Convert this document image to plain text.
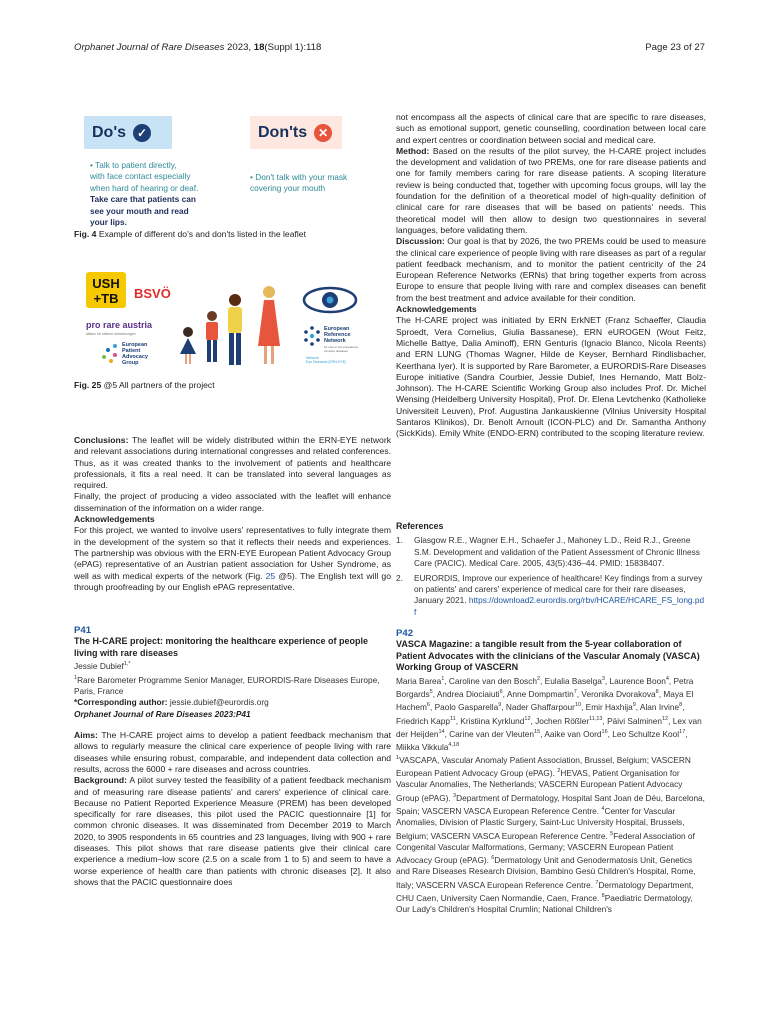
Orphanet Journal of Rare Diseases 2023, 18(Suppl 1):118	Page 23 of 27
Do's ✓	Don'ts ✕
• Talk to patient directly,
with face contact especially
when hard of hearing or deaf.
Take care that patients can
see your mouth and read
your lips.
• Don't talk with your mask
covering your mouth
Fig. 4 Example of different do's and don'ts listed in the leaflet
USH
+TB BSVÖ
pro rare austria
allianz für seltene erkrankungen
European
Patient
Advocacy
Group
European
Reference
Network
for rare or low prevalence
complex diseases
Network
Eye Diseases (ERN-EYE)
Fig. 25 @5 All partners of the project

Conclusions: The leaflet will be widely distributed within the ERN-EYE network and relevant associations during international congresses and related conferences. Thus, as it was created thanks to the involvement of patients and healthcare professionals, it fits a real need. It can be translated into several languages as required.

Finally, the project of producing a video associated with the leaflet will enhance dissemination of the information on a wider range.

Acknowledgements

For this project, we wanted to involve users' representatives to fully integrate them in the development of the system so that it reflects their needs and experiences. The partnership was obvious with the ERN-EYE European Patient Advocacy Group (ePAG) representative of an Austrian patient association for Usher Syndrome, as well as with medical experts of the network (Fig. 25 @5). The English text will go through proofreading by our English ePAG representative.

P41

The H-CARE project: monitoring the healthcare experience of people living with rare diseases

Jessie Dubief$^{1,*}$

$^1$Rare Barometer Programme Senior Manager, EURORDIS-Rare Diseases Europe, Paris, France

*Corresponding author: jessie.dubief@eurordis.org

Orphanet Journal of Rare Diseases 2023:P41

Aims: The H-CARE project aims to develop a patient feedback mechanism that allows to regularly measure the clinical care experience of people living with rare diseases while ensuring robust, comparable, and independent data collection and results, across the 6000 + rare diseases and across countries.

Background: A pilot survey tested the feasibility of a patient feedback mechanism and of measuring rare disease patients' and carers' experience of clinical care. Because no Patient Reported Experience Measure (PREM) has been developed specifically for rare diseases, this pilot used the PACIC questionnaire [1] for common chronic diseases. It was disseminated from December 2019 to March 2020, to 3905 respondents in 65 countries and 23 languages, living with 900 + rare diseases. This pilot shows that rare disease patients give their clinical care experience a medium–low score (2.5 on a scale from 1 to 5) and seem to have a worse experience of health care than patients with chronic diseases [2]. It also shows that the PACIC questionnaire does

not encompass all the aspects of clinical care that are specific to rare diseases, such as emotional support, genetic counselling, coordination between local care and expert centres or coordination between social and medical care.

Method: Based on the results of the pilot survey, the H-CARE project includes the development and validation of two PREMs, one for rare disease patients and one for family members caring for rare disease patients. A scoping literature review is being conducted that, together with upcoming focus groups, will lay the foundation for the definition of a theoretical model of high-quality definition of clinical care for rare diseases that will be based on patients' needs. This theoretical model will then allow to design two questionnaires in several languages, before validating them.

Discussion: Our goal is that by 2026, the two PREMs could be used to measure the clinical care experience of people living with rare diseases as part of a regular patient feedback mechanism, and to monitor the patient centricity of the 24 European Reference Networks (ERNs) that bring together experts from across Europe to ensure that people living with rare and complex diseases can benefit from the best treatment and advice available for their condition.

Acknowledgements

The H-CARE project was initiated by ERN ErkNET (Franz Schaeffer, Claudia Sproedt, Vera Cornelius, Giulia Bassanese), ERN eUROGEN (Wout Feitz, Michelle Battye, Dalia Aminoff), ERN Genturis (Ignacio Blanco, Nicola Reents) and ERN LUNG (Thomas Wagner, Hilde de Keyser, Bernhard Rindlisbacher, Keerthana Iyer). It is supported by Rare Barometer, a EURORDIS-Rare Diseases Europe initiative (Sandra Courbier, Jessie Dubief, Ines Hernando, Matt Bolz-Johnson). The H-CARE Scientific Working Group also includes Prof. Dr. Michel Wensing (Heidelberg University Hospital), Prof. Dr. Elena Levtchenko (Katholieke Universiteit Leuven), Prof. Augustina Jankauskienne (Vilnius University Hospital Santaros Klinikos), Dr. Benolt Arnoult (ICON-PLC) and Dr. Samantha Anthony (SickKids). Emily White (ENDO-ERN) contributed to the scoping literature review.

References

1.	Glasgow R.E., Wagner E.H., Schaefer J., Mahoney L.D., Reid R.J., Greene S.M. Development and validation of the Patient Assessment of Chronic Illness Care (PACIC). Medical Care. 2005, 43(5):436–44. PMID: 15838407.
2.	EURORDIS, Improve our experience of healthcare! Key findings from a survey on patients' and carers' experience of medical care for their rare diseases, January 2021. https://download2.eurordis.org/rbv/HCARE/HCARE_FS_long.pdf

P42

VASCA Magazine: a tangible result from the 5-year collaboration of Patient Advocates with the clinicians of the Vascular Anomaly (VASCA) Working Group of VASCERN

Maria Barea$^1$, Caroline van den Bosch$^2$, Eulalia Baselga$^3$, Laurence Boon$^4$, Petra Borgards$^5$, Andrea Diociaiuti$^6$, Anne Dompmartin$^7$, Veronika Dvorakova$^8$, Maya El Hachem$^6$, Paolo Gasparella$^9$, Nader Ghaffarpour$^{10}$, Emir Haxhija$^9$, Alan Irvine$^8$, Friedrich Kapp$^{11}$, Kristiina Kyrklund$^{12}$, Jochen Rößler$^{11,13}$, Päivi Salminen$^{12}$, Lex van der Heijden$^{14}$, Carine van der Vleuten$^{15}$, Aaike van Oord$^{16}$, Leo Schultze Kool$^{17}$, Miikka Vikkula$^{4,18}$

$^1$VASCAPA, Vascular Anomaly Patient Association, Brussel, Belgium; VASCERN European Patient Advocacy Group (ePAG). $^2$HEVAS, Patient Organisation for Vascular Anomalies, The Netherlands; VASCERN European Patient Advocacy Group (ePAG). $^3$Department of Dermatology, Hospital Sant Joan de Déu, Barcelona, Spain; VASCERN VASCA European Reference Centre. $^4$Center for Vascular Anomalies, Division of Plastic Surgery, Saint-Luc University Hospital, Brussels, Belgium; VASCERN VASCA European Reference Centre. $^5$Federal Association of Congenital Vascular Malformations, Germany; VASCERN European Patient Advocacy Group (ePAG). $^6$Dermatology Unit and Genodermatosis Unit, Genetics and Rare Diseases Research Division, Bambino Gesù Children's Hospital, Rome, Italy; VASCERN VASCA European Reference Centre. $^7$Dermatology Department, CHU Caen, University Caen Normandie, Caen, France. $^8$Paediatric Dermatology, Our Lady's Children's Hospital Crumlin; National Children's
